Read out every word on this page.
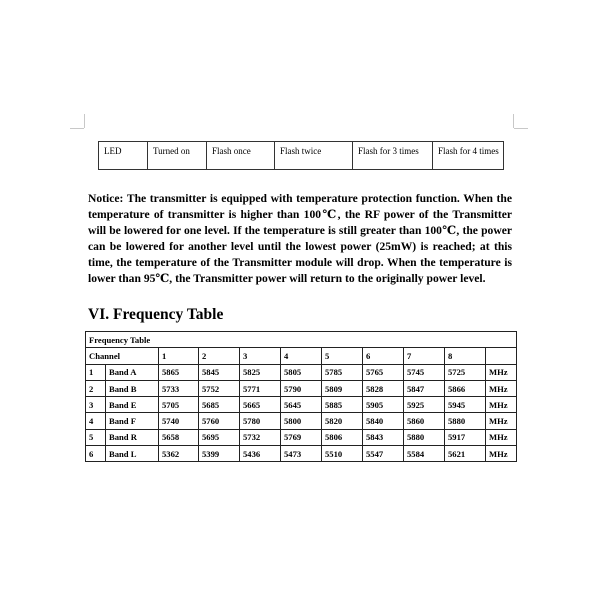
LED	Turned on	Flash once	Flash twice	Flash for 3 times	Flash for 4 times

Notice: The transmitter is equipped with temperature protection function. When the temperature of transmitter is higher than 100℃, the RF power of the Transmitter will be lowered for one level. If the temperature is still greater than 100℃, the power can be lowered for another level until the lowest power (25mW) is reached; at this time, the temperature of the Transmitter module will drop. When the temperature is lower than 95℃, the Transmitter power will return to the originally power level.

VI. Frequency Table
Frequency Table										
Channel		1	2	3	4	5	6	7	8	
1	Band A	5865	5845	5825	5805	5785	5765	5745	5725	MHz
2	Band B	5733	5752	5771	5790	5809	5828	5847	5866	MHz
3	Band E	5705	5685	5665	5645	5885	5905	5925	5945	MHz
4	Band F	5740	5760	5780	5800	5820	5840	5860	5880	MHz
5	Band R	5658	5695	5732	5769	5806	5843	5880	5917	MHz
6	Band L	5362	5399	5436	5473	5510	5547	5584	5621	MHz
